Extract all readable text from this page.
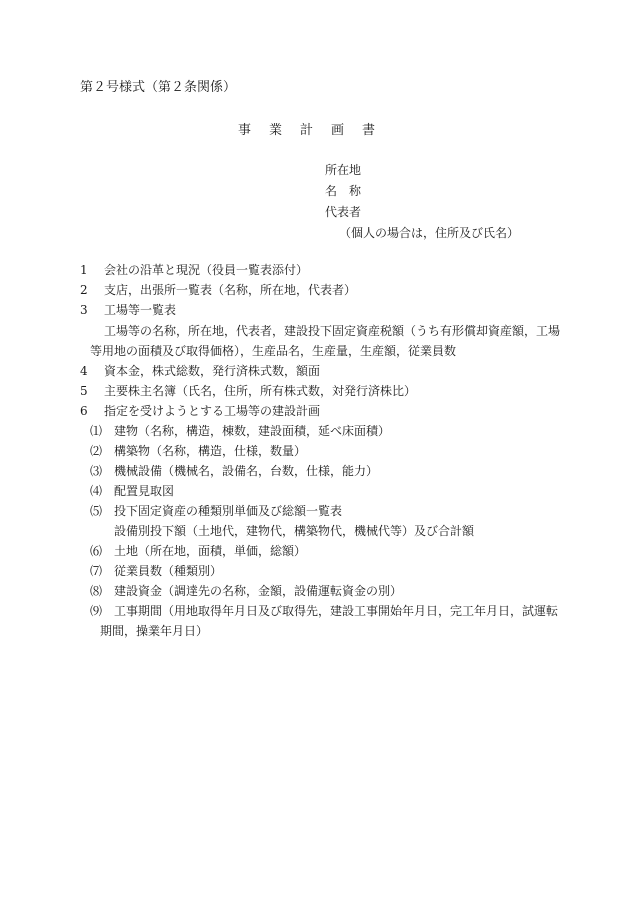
第２号様式（第２条関係）
事業計画書
所在地
名　称
代表者
（個人の場合は，住所及び氏名）
1	会社の沿革と現況（役員一覧表添付）
2	支店，出張所一覧表（名称，所在地，代表者）
3	工場等一覧表
工場等の名称，所在地，代表者，建設投下固定資産税額（うち有形償却資産額，工場
等用地の面積及び取得価格），生産品名，生産量，生産額，従業員数
4	資本金，株式総数，発行済株式数，額面
5	主要株主名簿（氏名，住所，所有株式数，対発行済株比）
6	指定を受けようとする工場等の建設計画
⑴ 建物（名称，構造，棟数，建設面積，延べ床面積）
⑵ 構築物（名称，構造，仕様，数量）
⑶ 機械設備（機械名，設備名，台数，仕様，能力）
⑷ 配置見取図
⑸ 投下固定資産の種類別単価及び総額一覧表
設備別投下額（土地代，建物代，構築物代，機械代等）及び合計額
⑹ 土地（所在地，面積，単価，総額）
⑺ 従業員数（種類別）
⑻ 建設資金（調達先の名称，金額，設備運転資金の別）
⑼ 工事期間（用地取得年月日及び取得先，建設工事開始年月日，完工年月日，試運転
期間，操業年月日）
